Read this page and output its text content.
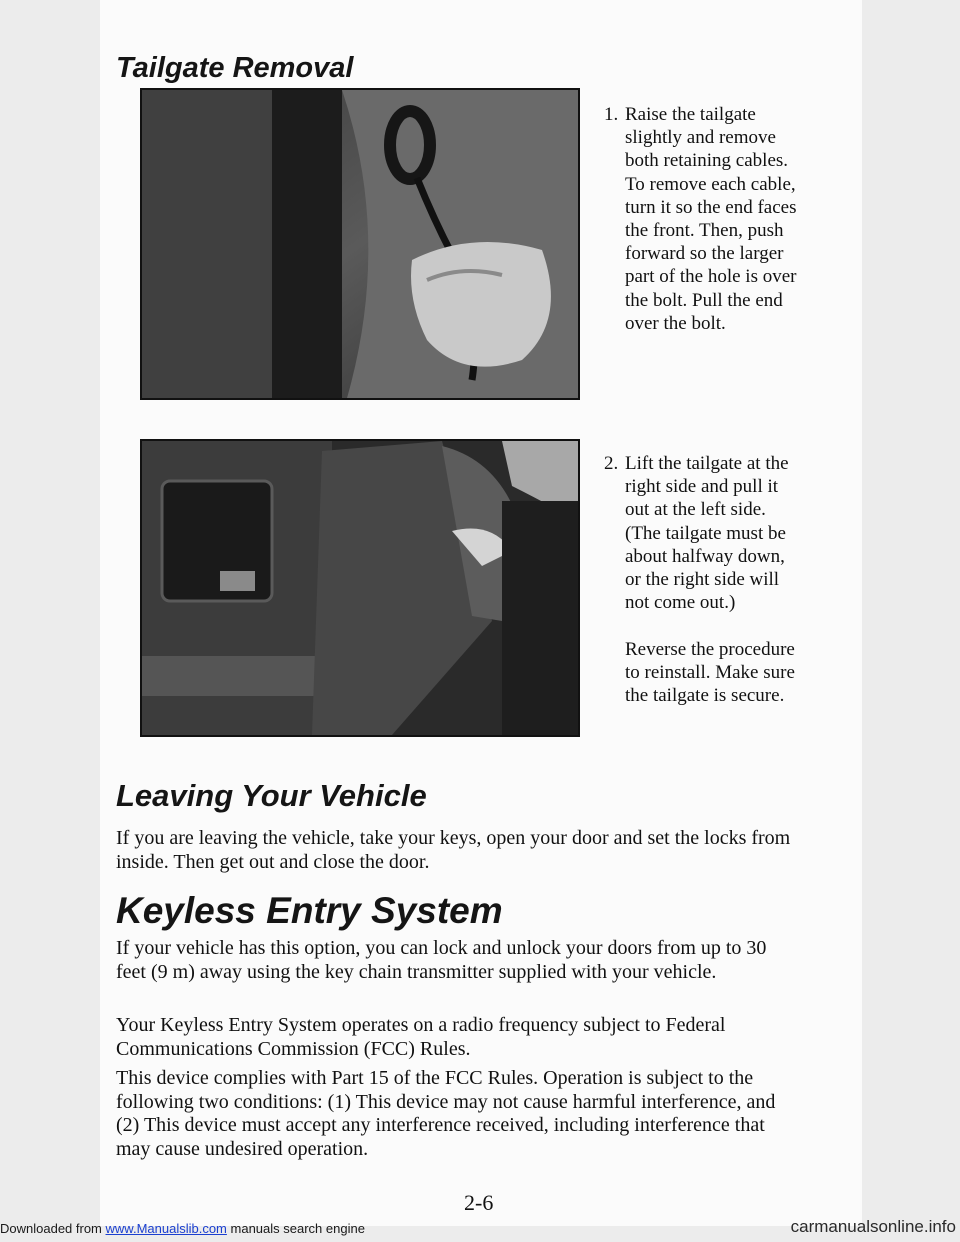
Tailgate Removal
1. Raise the tailgate slightly and remove both retaining cables. To remove each cable, turn it so the end faces the front. Then, push forward so the larger part of the hole is over the bolt. Pull the end over the bolt.
2. Lift the tailgate at the right side and pull it out at the left side. (The tailgate must be about halfway down, or the right side will not come out.)
Reverse the procedure to reinstall. Make sure the tailgate is secure.
Leaving Your Vehicle

If you are leaving the vehicle, take your keys, open your door and set the locks from inside. Then get out and close the door.

Keyless Entry System

If your vehicle has this option, you can lock and unlock your doors from up to 30 feet (9 m) away using the key chain transmitter supplied with your vehicle.

Your Keyless Entry System operates on a radio frequency subject to Federal Communications Commission (FCC) Rules.

This device complies with Part 15 of the FCC Rules. Operation is subject to the following two conditions: (1) This device may not cause harmful interference, and (2) This device must accept any interference received, including interference that may cause undesired operation.

2-6

Downloaded from www.Manualslib.com manuals search engine	carmanualsonline.info
